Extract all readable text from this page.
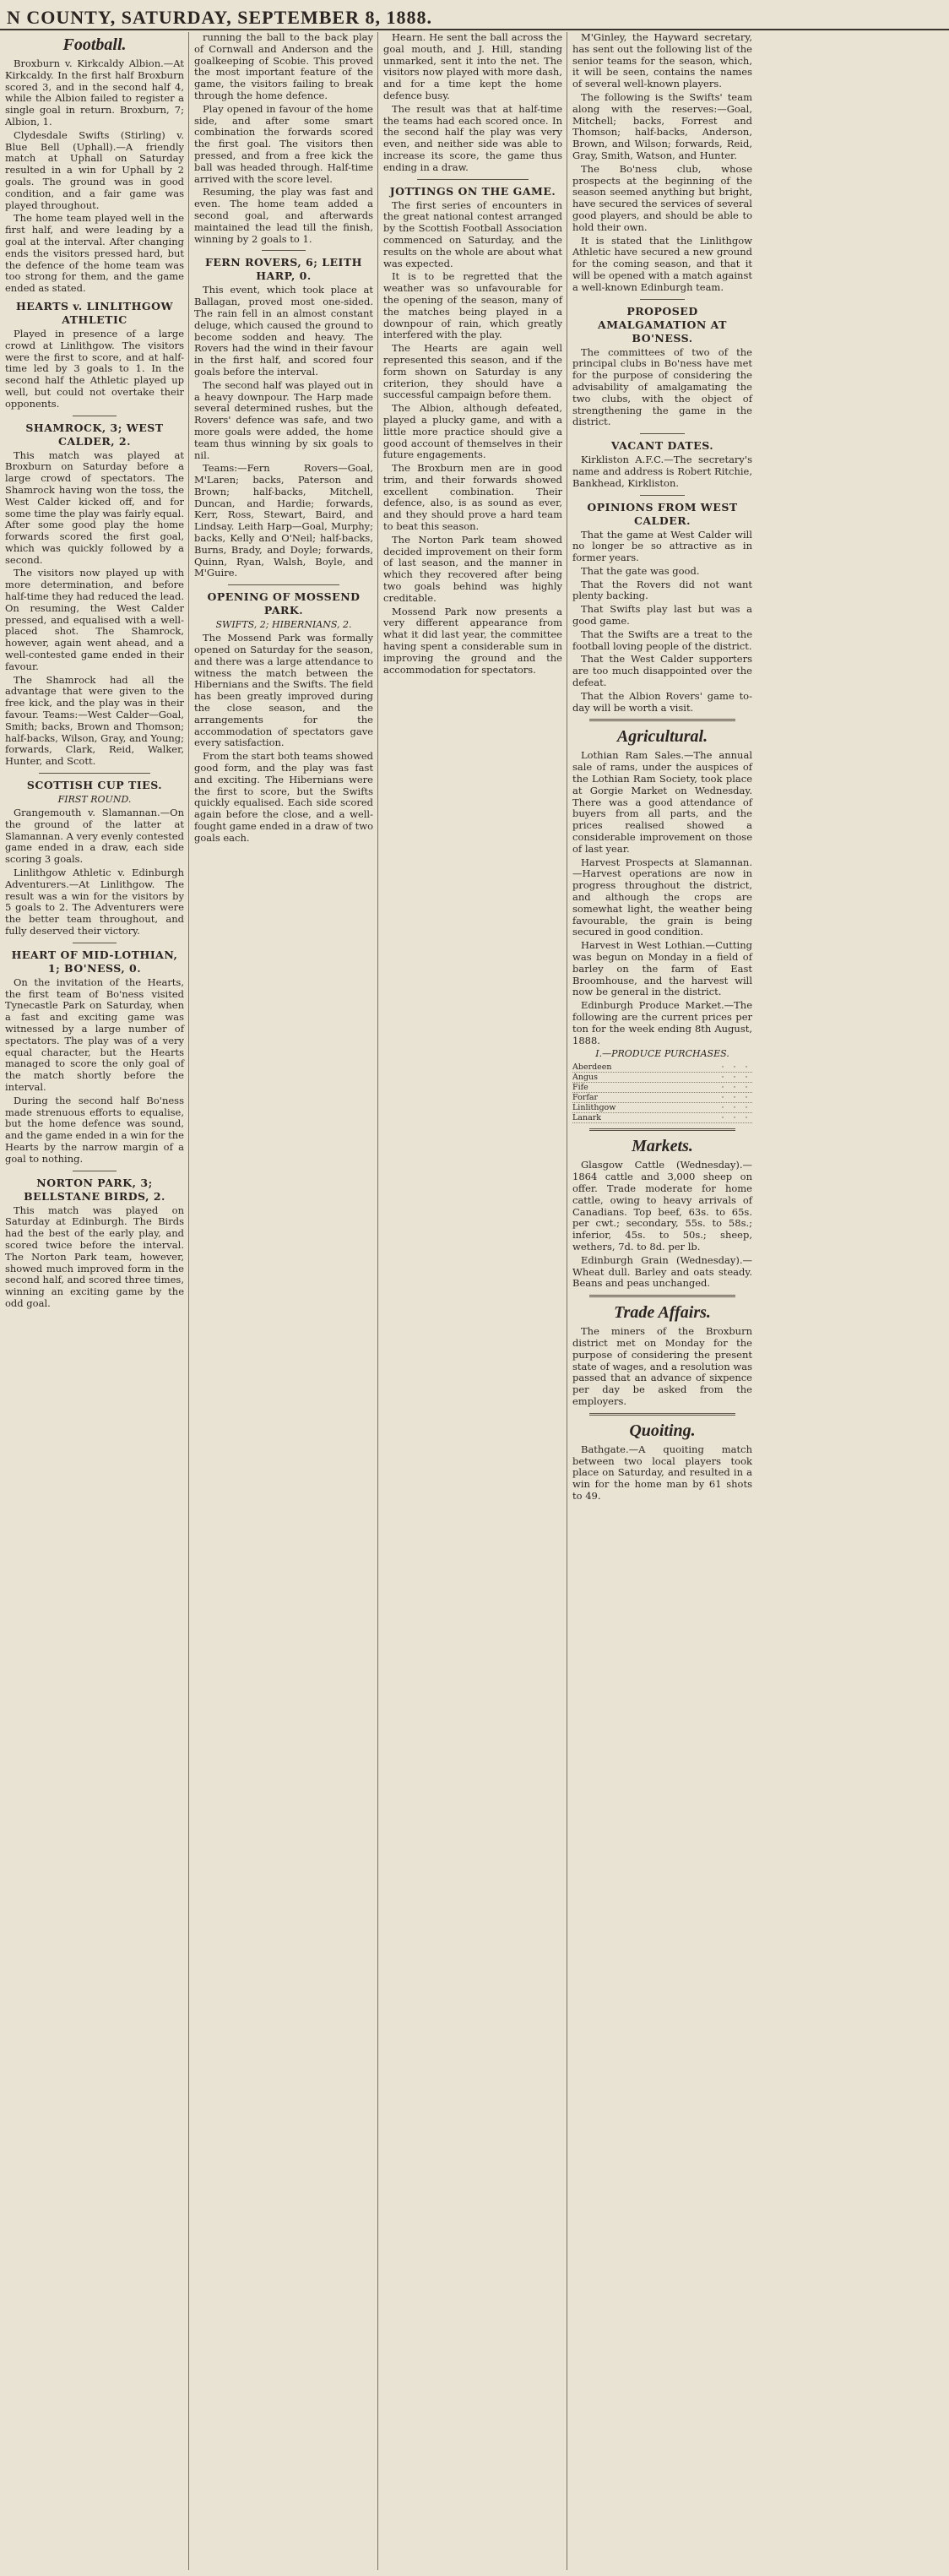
N COUNTY, SATURDAY, SEPTEMBER 8, 1888.
Football.

Broxburn v. Kirkcaldy Albion.—At Kirkcaldy. In the first half Broxburn scored 3, and in the second half 4, while the Albion failed to register a single goal in return. Broxburn, 7; Albion, 1.

Clydesdale Swifts (Stirling) v. Blue Bell (Uphall).—A friendly match at Uphall on Saturday resulted in a win for Uphall by 2 goals. The ground was in good condition, and a fair game was played throughout.

The home team played well in the first half, and were leading by a goal at the interval. After changing ends the visitors pressed hard, but the defence of the home team was too strong for them, and the game ended as stated.

HEARTS v. LINLITHGOW ATHLETIC

Played in presence of a large crowd at Linlithgow. The visitors were the first to score, and at half-time led by 3 goals to 1. In the second half the Athletic played up well, but could not overtake their opponents.

SHAMROCK, 3; WEST CALDER, 2.

This match was played at Broxburn on Saturday before a large crowd of spectators. The Shamrock having won the toss, the West Calder kicked off, and for some time the play was fairly equal. After some good play the home forwards scored the first goal, which was quickly followed by a second.

The visitors now played up with more determination, and before half-time they had reduced the lead. On resuming, the West Calder pressed, and equalised with a well-placed shot. The Shamrock, however, again went ahead, and a well-contested game ended in their favour.

The Shamrock had all the advantage that were given to the free kick, and the play was in their favour. Teams:—West Calder—Goal, Smith; backs, Brown and Thomson; half-backs, Wilson, Gray, and Young; forwards, Clark, Reid, Walker, Hunter, and Scott.

SCOTTISH CUP TIES.
FIRST ROUND.

Grangemouth v. Slamannan.—On the ground of the latter at Slamannan. A very evenly contested game ended in a draw, each side scoring 3 goals.

Linlithgow Athletic v. Edinburgh Adventurers.—At Linlithgow. The result was a win for the visitors by 5 goals to 2. The Adventurers were the better team throughout, and fully deserved their victory.

HEART OF MID-LOTHIAN, 1; BO'NESS, 0.

On the invitation of the Hearts, the first team of Bo'ness visited Tynecastle Park on Saturday, when a fast and exciting game was witnessed by a large number of spectators. The play was of a very equal character, but the Hearts managed to score the only goal of the match shortly before the interval.

During the second half Bo'ness made strenuous efforts to equalise, but the home defence was sound, and the game ended in a win for the Hearts by the narrow margin of a goal to nothing.

NORTON PARK, 3; BELLSTANE BIRDS, 2.

This match was played on Saturday at Edinburgh. The Birds had the best of the early play, and scored twice before the interval. The Norton Park team, however, showed much improved form in the second half, and scored three times, winning an exciting game by the odd goal.

running the ball to the back play of Cornwall and Anderson and the goalkeeping of Scobie. This proved the most important feature of the game, the visitors failing to break through the home defence.

Play opened in favour of the home side, and after some smart combination the forwards scored the first goal. The visitors then pressed, and from a free kick the ball was headed through. Half-time arrived with the score level.

Resuming, the play was fast and even. The home team added a second goal, and afterwards maintained the lead till the finish, winning by 2 goals to 1.

FERN ROVERS, 6; LEITH HARP, 0.

This event, which took place at Ballagan, proved most one-sided. The rain fell in an almost constant deluge, which caused the ground to become sodden and heavy. The Rovers had the wind in their favour in the first half, and scored four goals before the interval.

The second half was played out in a heavy downpour. The Harp made several determined rushes, but the Rovers' defence was safe, and two more goals were added, the home team thus winning by six goals to nil.

Teams:—Fern Rovers—Goal, M'Laren; backs, Paterson and Brown; half-backs, Mitchell, Duncan, and Hardie; forwards, Kerr, Ross, Stewart, Baird, and Lindsay. Leith Harp—Goal, Murphy; backs, Kelly and O'Neil; half-backs, Burns, Brady, and Doyle; forwards, Quinn, Ryan, Walsh, Boyle, and M'Guire.

OPENING OF MOSSEND PARK.
SWIFTS, 2; HIBERNIANS, 2.

The Mossend Park was formally opened on Saturday for the season, and there was a large attendance to witness the match between the Hibernians and the Swifts. The field has been greatly improved during the close season, and the arrangements for the accommodation of spectators gave every satisfaction.

From the start both teams showed good form, and the play was fast and exciting. The Hibernians were the first to score, but the Swifts quickly equalised. Each side scored again before the close, and a well-fought game ended in a draw of two goals each.

Hearn. He sent the ball across the goal mouth, and J. Hill, standing unmarked, sent it into the net. The visitors now played with more dash, and for a time kept the home defence busy.

The result was that at half-time the teams had each scored once. In the second half the play was very even, and neither side was able to increase its score, the game thus ending in a draw.

JOTTINGS ON THE GAME.

The first series of encounters in the great national contest arranged by the Scottish Football Association commenced on Saturday, and the results on the whole are about what was expected.

It is to be regretted that the weather was so unfavourable for the opening of the season, many of the matches being played in a downpour of rain, which greatly interfered with the play.

The Hearts are again well represented this season, and if the form shown on Saturday is any criterion, they should have a successful campaign before them.

The Albion, although defeated, played a plucky game, and with a little more practice should give a good account of themselves in their future engagements.

The Broxburn men are in good trim, and their forwards showed excellent combination. Their defence, also, is as sound as ever, and they should prove a hard team to beat this season.

The Norton Park team showed decided improvement on their form of last season, and the manner in which they recovered after being two goals behind was highly creditable.

Mossend Park now presents a very different appearance from what it did last year, the committee having spent a considerable sum in improving the ground and the accommodation for spectators.

M'Ginley, the Hayward secretary, has sent out the following list of the senior teams for the season, which, it will be seen, contains the names of several well-known players.

The following is the Swifts' team along with the reserves:—Goal, Mitchell; backs, Forrest and Thomson; half-backs, Anderson, Brown, and Wilson; forwards, Reid, Gray, Smith, Watson, and Hunter.

The Bo'ness club, whose prospects at the beginning of the season seemed anything but bright, have secured the services of several good players, and should be able to hold their own.

It is stated that the Linlithgow Athletic have secured a new ground for the coming season, and that it will be opened with a match against a well-known Edinburgh team.

PROPOSED AMALGAMATION AT BO'NESS.

The committees of two of the principal clubs in Bo'ness have met for the purpose of considering the advisability of amalgamating the two clubs, with the object of strengthening the game in the district.

VACANT DATES.

Kirkliston A.F.C.—The secretary's name and address is Robert Ritchie, Bankhead, Kirkliston.

OPINIONS FROM WEST CALDER.

That the game at West Calder will no longer be so attractive as in former years.

That the gate was good.

That the Rovers did not want plenty backing.

That Swifts play last but was a good game.

That the Swifts are a treat to the football loving people of the district.

That the West Calder supporters are too much disappointed over the defeat.

That the Albion Rovers' game to-day will be worth a visit.

Agricultural.

Lothian Ram Sales.—The annual sale of rams, under the auspices of the Lothian Ram Society, took place at Gorgie Market on Wednesday. There was a good attendance of buyers from all parts, and the prices realised showed a considerable improvement on those of last year.

Harvest Prospects at Slamannan.—Harvest operations are now in progress throughout the district, and although the crops are somewhat light, the weather being favourable, the grain is being secured in good condition.

Harvest in West Lothian.—Cutting was begun on Monday in a field of barley on the farm of East Broomhouse, and the harvest will now be general in the district.

Edinburgh Produce Market.—The following are the current prices per ton for the week ending 8th August, 1888.

I.—PRODUCE PURCHASES.
Aberdeen	·	·	·
Angus	·	·	·
Fife	·	·	·
Forfar	·	·	·
Linlithgow	·	·	·
Lanark	·	·	·
Markets.

Glasgow Cattle (Wednesday).—1864 cattle and 3,000 sheep on offer. Trade moderate for home cattle, owing to heavy arrivals of Canadians. Top beef, 63s. to 65s. per cwt.; secondary, 55s. to 58s.; inferior, 45s. to 50s.; sheep, wethers, 7d. to 8d. per lb.

Edinburgh Grain (Wednesday).—Wheat dull. Barley and oats steady. Beans and peas unchanged.

Trade Affairs.

The miners of the Broxburn district met on Monday for the purpose of considering the present state of wages, and a resolution was passed that an advance of sixpence per day be asked from the employers.

Quoiting.

Bathgate.—A quoiting match between two local players took place on Saturday, and resulted in a win for the home man by 61 shots to 49.
